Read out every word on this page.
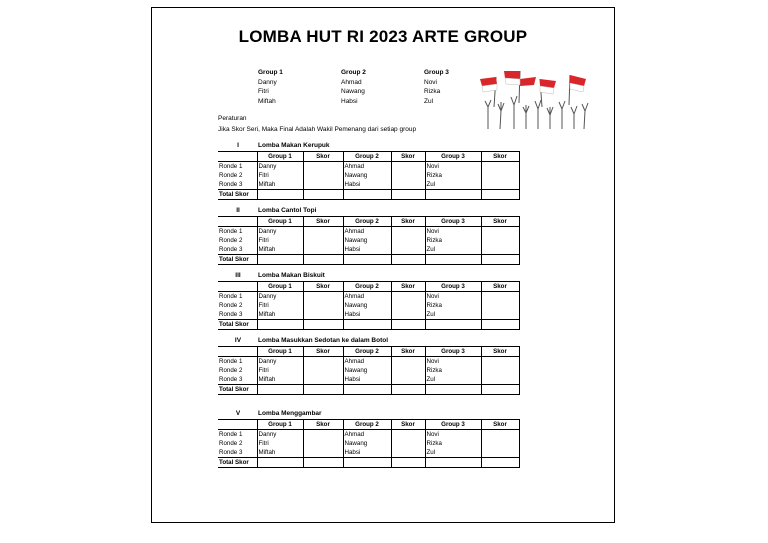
LOMBA HUT RI 2023 ARTE GROUP
Group 1
Danny
Fitri
Miftah
Group 2
Ahmad
Nawang
Habsi
Group 3
Novi
Rizka
Zul
Peraturan
Jika Skor Seri, Maka Final Adalah Wakil Pemenang dari setiap group
I	Lomba Makan Kerupuk
	Group 1	Skor	Group 2	Skor	Group 3	Skor
Ronde 1	Danny		Ahmad		Novi	
Ronde 2	Fitri		Nawang		Rizka	
Ronde 3	Miftah		Habsi		Zul	
Total Skor						
II	Lomba Cantol Topi
	Group 1	Skor	Group 2	Skor	Group 3	Skor
Ronde 1	Danny		Ahmad		Novi	
Ronde 2	Fitri		Nawang		Rizka	
Ronde 3	Miftah		Habsi		Zul	
Total Skor						
III	Lomba Makan Biskuit
	Group 1	Skor	Group 2	Skor	Group 3	Skor
Ronde 1	Danny		Ahmad		Novi	
Ronde 2	Fitri		Nawang		Rizka	
Ronde 3	Miftah		Habsi		Zul	
Total Skor						
IV	Lomba Masukkan Sedotan ke dalam Botol
	Group 1	Skor	Group 2	Skor	Group 3	Skor
Ronde 1	Danny		Ahmad		Novi	
Ronde 2	Fitri		Nawang		Rizka	
Ronde 3	Miftah		Habsi		Zul	
Total Skor						
V	Lomba Menggambar
	Group 1	Skor	Group 2	Skor	Group 3	Skor
Ronde 1	Danny		Ahmad		Novi	
Ronde 2	Fitri		Nawang		Rizka	
Ronde 3	Miftah		Habsi		Zul	
Total Skor						
